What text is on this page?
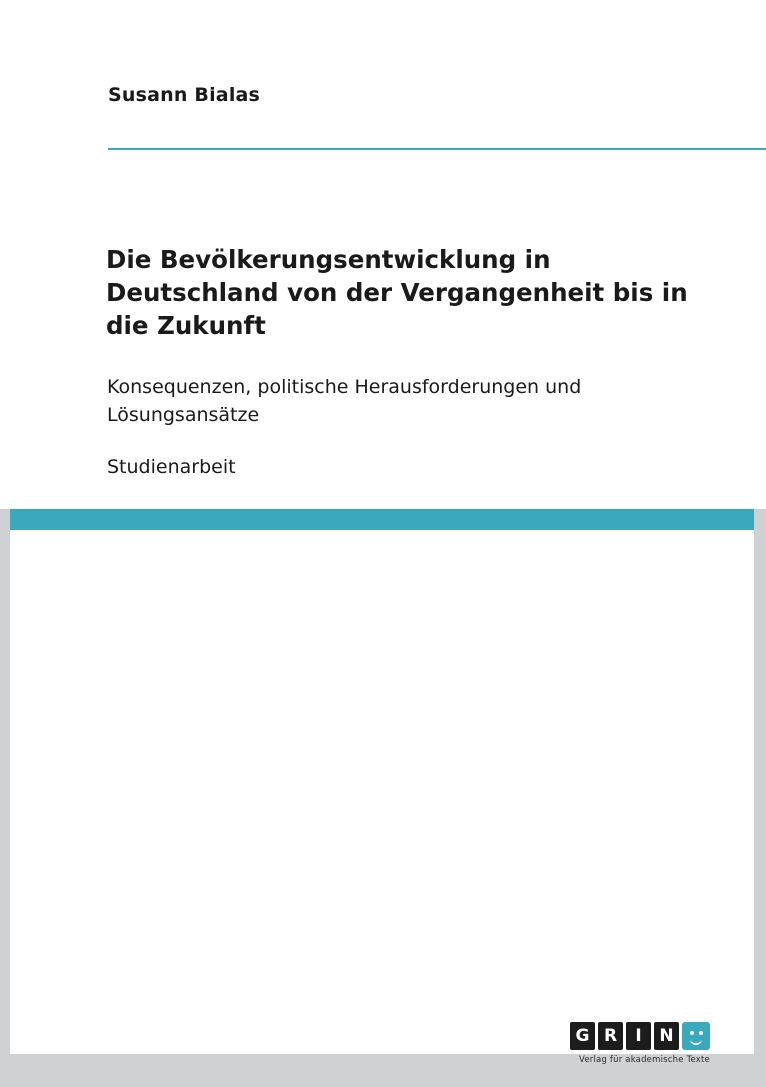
Susann Bialas
Die Bevölkerungsentwicklung in Deutschland von der Vergangenheit bis in die Zukunft
Konsequenzen, politische Herausforderungen und Lösungsansätze
Studienarbeit
G R	I	N
Verlag für akademische Texte
